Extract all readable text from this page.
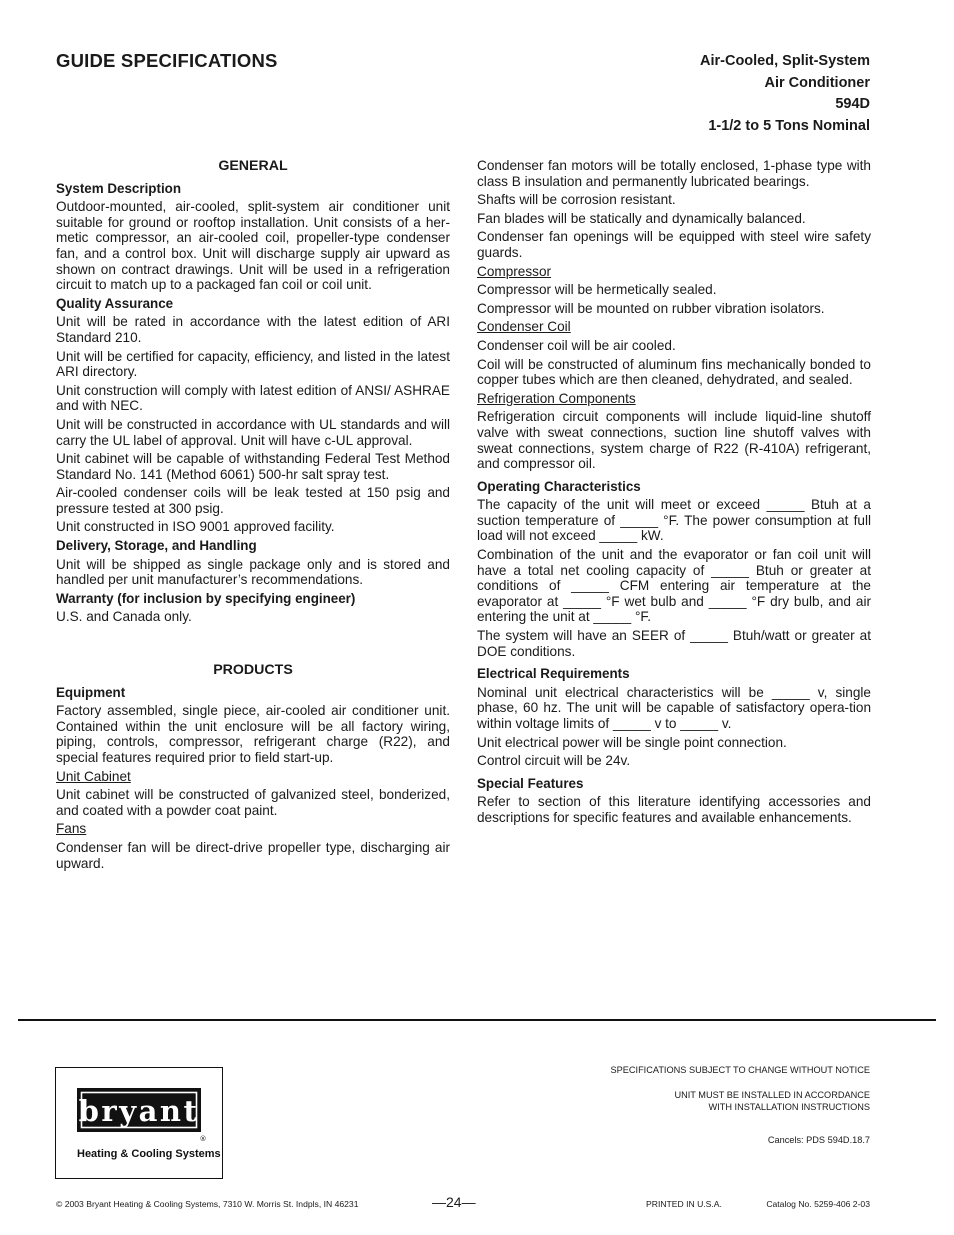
GUIDE SPECIFICATIONS	Air-Cooled, Split-System
Air Conditioner
594D
1-1/2 to 5 Tons Nominal
GENERAL
System Description

Outdoor-mounted, air-cooled, split-system air conditioner unit suitable for ground or rooftop installation. Unit consists of a her-metic compressor, an air-cooled coil, propeller-type condenser fan, and a control box. Unit will discharge supply air upward as shown on contract drawings. Unit will be used in a refrigeration circuit to match up to a packaged fan coil or coil unit.

Quality Assurance

Unit will be rated in accordance with the latest edition of ARI Standard 210.

Unit will be certified for capacity, efficiency, and listed in the latest ARI directory.

Unit construction will comply with latest edition of ANSI/ ASHRAE and with NEC.

Unit will be constructed in accordance with UL standards and will carry the UL label of approval. Unit will have c-UL approval.

Unit cabinet will be capable of withstanding Federal Test Method Standard No. 141 (Method 6061) 500-hr salt spray test.

Air-cooled condenser coils will be leak tested at 150 psig and pressure tested at 300 psig.

Unit constructed in ISO 9001 approved facility.

Delivery, Storage, and Handling

Unit will be shipped as single package only and is stored and handled per unit manufacturer’s recommendations.

Warranty (for inclusion by specifying engineer)

U.S. and Canada only.

PRODUCTS
Equipment

Factory assembled, single piece, air-cooled air conditioner unit. Contained within the unit enclosure will be all factory wiring, piping, controls, compressor, refrigerant charge (R22), and special features required prior to field start-up.

Unit Cabinet

Unit cabinet will be constructed of galvanized steel, bonderized, and coated with a powder coat paint.

Fans

Condenser fan will be direct-drive propeller type, discharging air upward.

Condenser fan motors will be totally enclosed, 1-phase type with class B insulation and permanently lubricated bearings.

Shafts will be corrosion resistant.

Fan blades will be statically and dynamically balanced.

Condenser fan openings will be equipped with steel wire safety guards.

Compressor

Compressor will be hermetically sealed.

Compressor will be mounted on rubber vibration isolators.

Condenser Coil

Condenser coil will be air cooled.

Coil will be constructed of aluminum fins mechanically bonded to copper tubes which are then cleaned, dehydrated, and sealed.

Refrigeration Components

Refrigeration circuit components will include liquid-line shutoff valve with sweat connections, suction line shutoff valves with sweat connections, system charge of R22 (R-410A) refrigerant, and compressor oil.

Operating Characteristics

The capacity of the unit will meet or exceed _____ Btuh at a suction temperature of _____ °F. The power consumption at full load will not exceed _____ kW.

Combination of the unit and the evaporator or fan coil unit will have a total net cooling capacity of _____ Btuh or greater at conditions of _____ CFM entering air temperature at the evaporator at _____ °F wet bulb and _____ °F dry bulb, and air entering the unit at _____ °F.

The system will have an SEER of _____ Btuh/watt or greater at DOE conditions.

Electrical Requirements

Nominal unit electrical characteristics will be _____ v, single phase, 60 hz. The unit will be capable of satisfactory opera-tion within voltage limits of _____ v to _____ v.

Unit electrical power will be single point connection.

Control circuit will be 24v.

Special Features

Refer to section of this literature identifying accessories and descriptions for specific features and available enhancements.

bryant
®
Heating & Cooling Systems
SPECIFICATIONS SUBJECT TO CHANGE WITHOUT NOTICE
UNIT MUST BE INSTALLED IN ACCORDANCE
WITH INSTALLATION INSTRUCTIONS
Cancels: PDS 594D.18.7
© 2003 Bryant Heating & Cooling Systems, 7310 W. Morris St. Indpls, IN 46231	—24—	PRINTED IN U.S.A.	Catalog No. 5259-406 2-03
